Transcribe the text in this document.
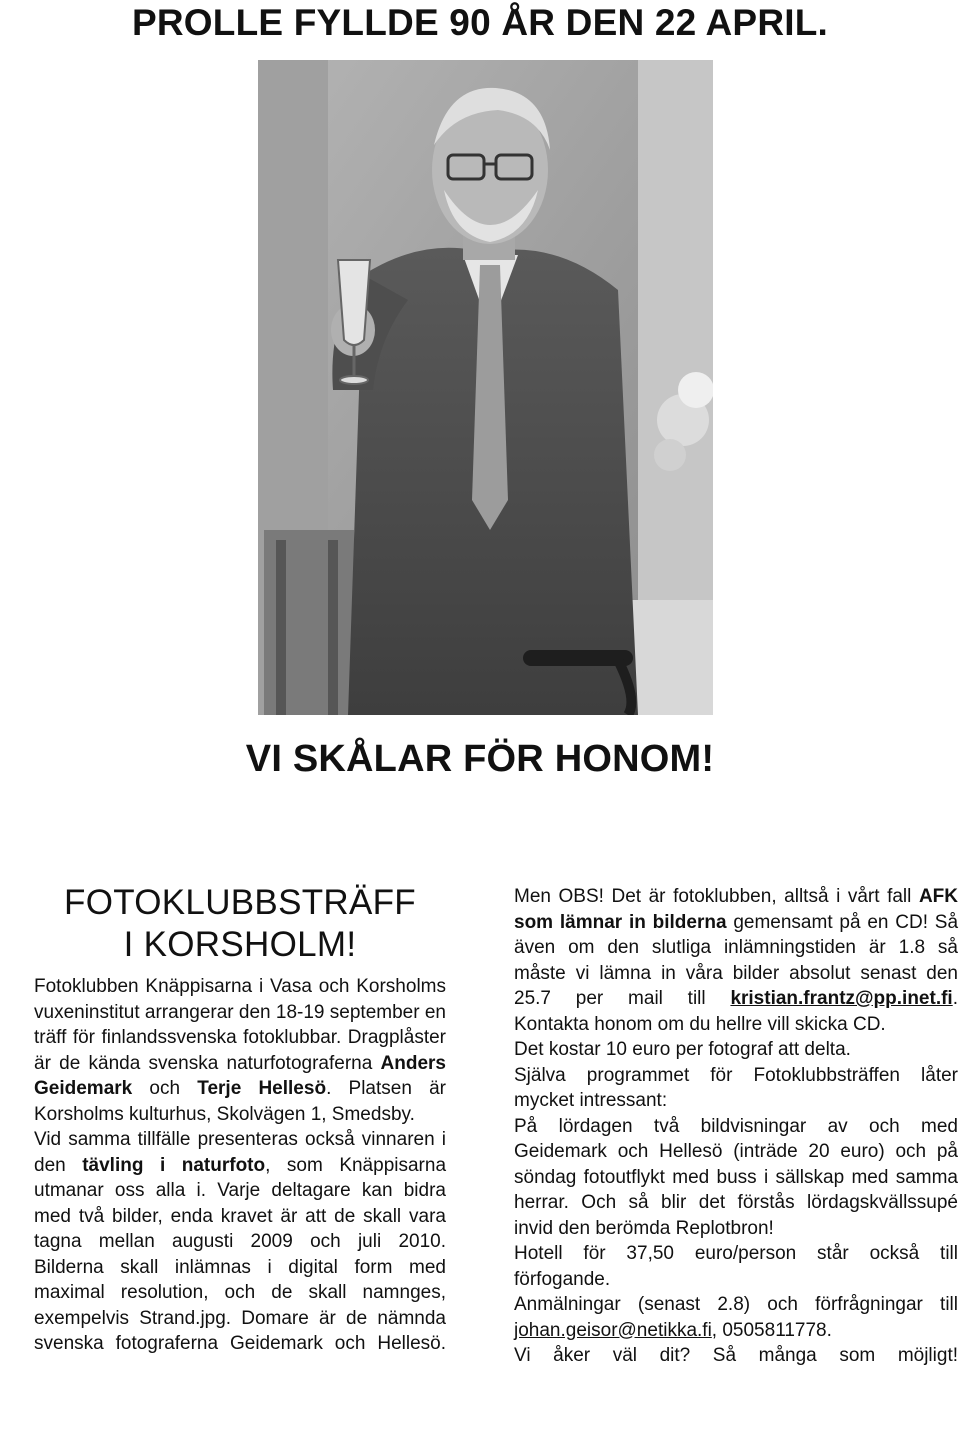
PROLLE FYLLDE 90 ÅR DEN 22 APRIL.
VI SKÅLAR FÖR HONOM!
FOTOKLUBBSTRÄFF
I KORSHOLM!

Fotoklubben Knäppisarna i Vasa och Korsholms vuxeninstitut arrangerar den 18-19 september en träff för finlandssvenska fotoklubbar. Dragplåster är de kända svenska naturfotograferna Anders Geidemark och Terje Hellesö. Platsen är Korsholms kulturhus, Skolvägen 1, Smedsby.

Vid samma tillfälle presenteras också vinnaren i den tävling i naturfoto, som Knäppisarna utmanar oss alla i. Varje deltagare kan bidra med två bilder, enda kravet är att de skall vara tagna mellan augusti 2009 och juli 2010. Bilderna skall inlämnas i digital form med maximal resolution, och de skall namnges, exempelvis Strand.jpg. Domare är de nämnda svenska fotograferna Geidemark och Hellesö.

Men OBS! Det är fotoklubben, alltså i vårt fall AFK som lämnar in bilderna gemensamt på en CD! Så även om den slutliga inlämningstiden är 1.8 så måste vi lämna in våra bilder absolut senast den 25.7 per mail till kristian.frantz@pp.inet.fi. Kontakta honom om du hellre vill skicka CD.

Det kostar 10 euro per fotograf att delta.

Själva programmet för Fotoklubbsträffen låter mycket intressant:

På lördagen två bildvisningar av och med Geidemark och Hellesö (inträde 20 euro) och på söndag fotoutflykt med buss i sällskap med samma herrar. Och så blir det förstås lördagskvällssupé invid den berömda Replotbron!

Hotell för 37,50 euro/person står också till förfogande.

Anmälningar (senast 2.8) och förfrågningar till johan.geisor@netikka.fi, 0505811778.

Vi åker väl dit? Så många som möjligt!
